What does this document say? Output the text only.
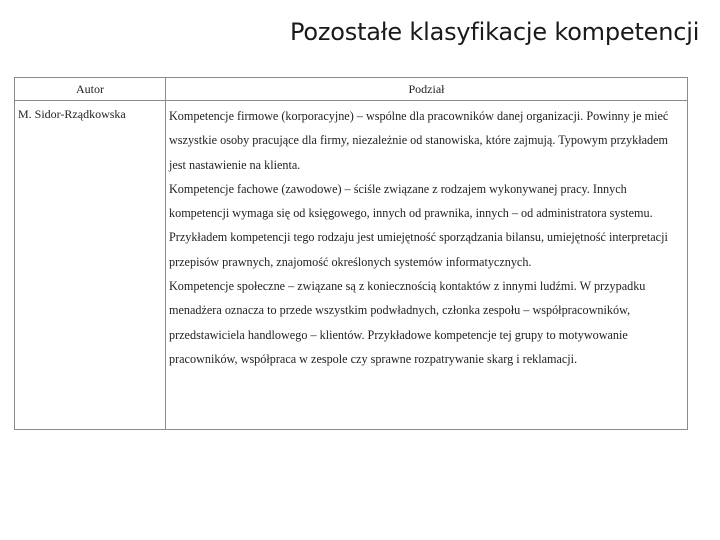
Pozostałe klasyfikacje kompetencji
Autor	Podział
M. Sidor-Rządkowska	Kompetencje firmowe (korporacyjne) – wspólne dla pracowników danej organizacji. Powinny je mieć wszystkie osoby pracujące dla firmy, niezależnie od stanowiska, które zajmują. Typowym przykładem jest nastawienie na klienta.

Kompetencje fachowe (zawodowe) – ściśle związane z rodzajem wykonywanej pracy. Innych kompetencji wymaga się od księgowego, innych od prawnika, innych – od administratora systemu. Przykładem kompetencji tego rodzaju jest umiejętność sporządzania bilansu, umiejętność interpretacji przepisów prawnych, znajomość określonych systemów informatycznych.

Kompetencje społeczne – związane są z koniecznością kontaktów z innymi ludźmi. W przypadku menadżera oznacza to przede wszystkim podwładnych, członka zespołu – współpracowników, przedstawiciela handlowego – klientów. Przykładowe kompetencje tej grupy to motywowanie pracowników, współpraca w zespole czy sprawne rozpatrywanie skarg i reklamacji.
